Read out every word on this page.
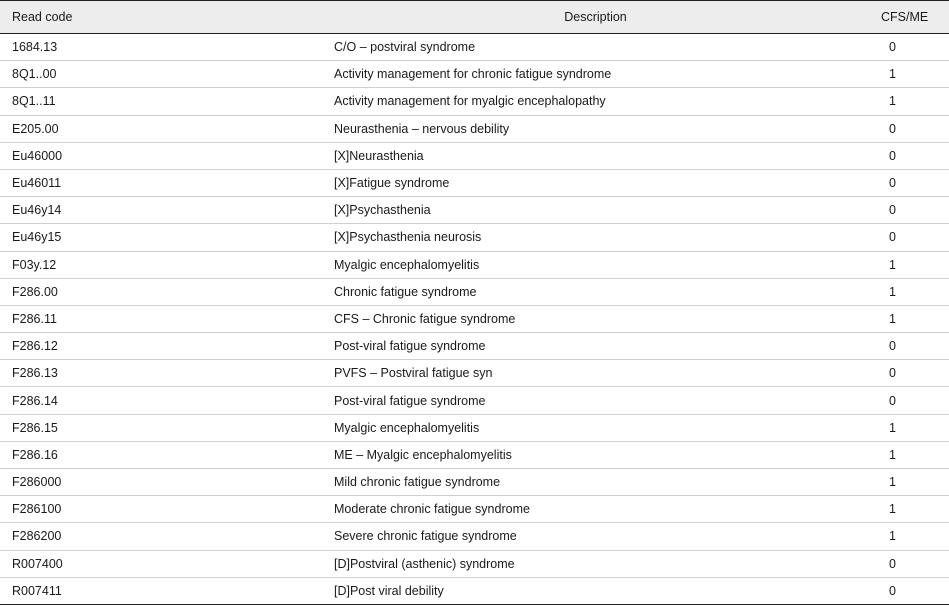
Read code	Description	CFS/ME
1684.13	C/O – postviral syndrome	0
8Q1..00	Activity management for chronic fatigue syndrome	1
8Q1..11	Activity management for myalgic encephalopathy	1
E205.00	Neurasthenia – nervous debility	0
Eu46000	[X]Neurasthenia	0
Eu46011	[X]Fatigue syndrome	0
Eu46y14	[X]Psychasthenia	0
Eu46y15	[X]Psychasthenia neurosis	0
F03y.12	Myalgic encephalomyelitis	1
F286.00	Chronic fatigue syndrome	1
F286.11	CFS – Chronic fatigue syndrome	1
F286.12	Post-viral fatigue syndrome	0
F286.13	PVFS – Postviral fatigue syn	0
F286.14	Post-viral fatigue syndrome	0
F286.15	Myalgic encephalomyelitis	1
F286.16	ME – Myalgic encephalomyelitis	1
F286000	Mild chronic fatigue syndrome	1
F286100	Moderate chronic fatigue syndrome	1
F286200	Severe chronic fatigue syndrome	1
R007400	[D]Postviral (asthenic) syndrome	0
R007411	[D]Post viral debility	0
